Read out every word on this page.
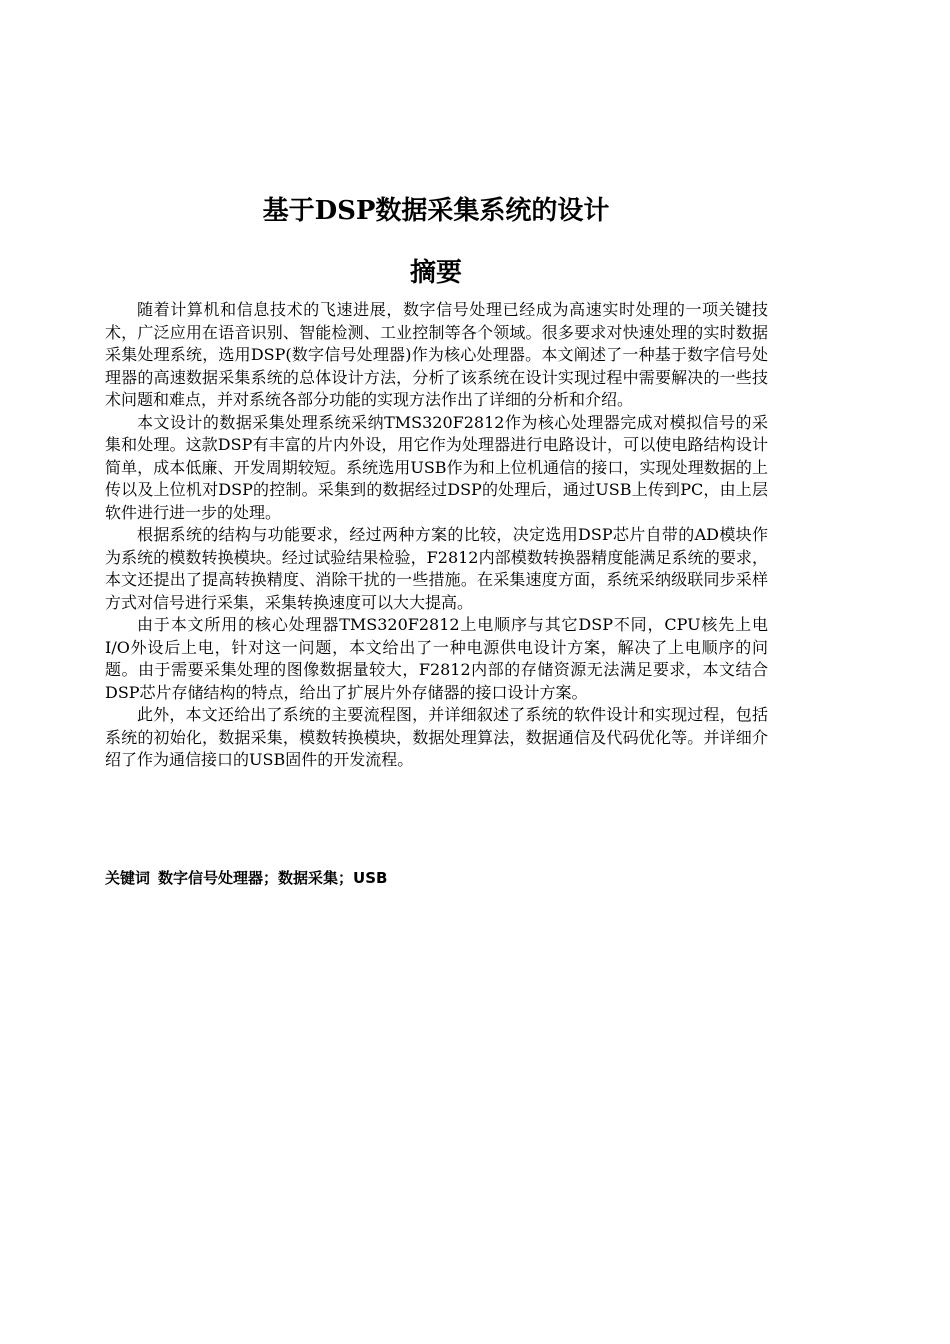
基于DSP数据采集系统的设计
摘要

随着计算机和信息技术的飞速进展，数字信号处理已经成为高速实时处理的一项关键技术，广泛应用在语音识别、智能检测、工业控制等各个领域。很多要求对快速处理的实时数据采集处理系统，选用DSP(数字信号处理器)作为核心处理器。本文阐述了一种基于数字信号处理器的高速数据采集系统的总体设计方法，分析了该系统在设计实现过程中需要解决的一些技术问题和难点，并对系统各部分功能的实现方法作出了详细的分析和介绍。

本文设计的数据采集处理系统采纳TMS320F2812作为核心处理器完成对模拟信号的采集和处理。这款DSP有丰富的片内外设，用它作为处理器进行电路设计，可以使电路结构设计简单，成本低廉、开发周期较短。系统选用USB作为和上位机通信的接口，实现处理数据的上传以及上位机对DSP的控制。采集到的数据经过DSP的处理后，通过USB上传到PC，由上层软件进行进一步的处理。

根据系统的结构与功能要求，经过两种方案的比较，决定选用DSP芯片自带的AD模块作为系统的模数转换模块。经过试验结果检验，F2812内部模数转换器精度能满足系统的要求，本文还提出了提高转换精度、消除干扰的一些措施。在采集速度方面，系统采纳级联同步采样方式对信号进行采集，采集转换速度可以大大提高。

由于本文所用的核心处理器TMS320F2812上电顺序与其它DSP不同，CPU核先上电I/O外设后上电，针对这一问题，本文给出了一种电源供电设计方案，解决了上电顺序的问题。由于需要采集处理的图像数据量较大，F2812内部的存储资源无法满足要求，本文结合DSP芯片存储结构的特点，给出了扩展片外存储器的接口设计方案。

此外，本文还给出了系统的主要流程图，并详细叙述了系统的软件设计和实现过程，包括系统的初始化，数据采集，模数转换模块，数据处理算法，数据通信及代码优化等。并详细介绍了作为通信接口的USB固件的开发流程。

关键词 数字信号处理器；数据采集；USB
